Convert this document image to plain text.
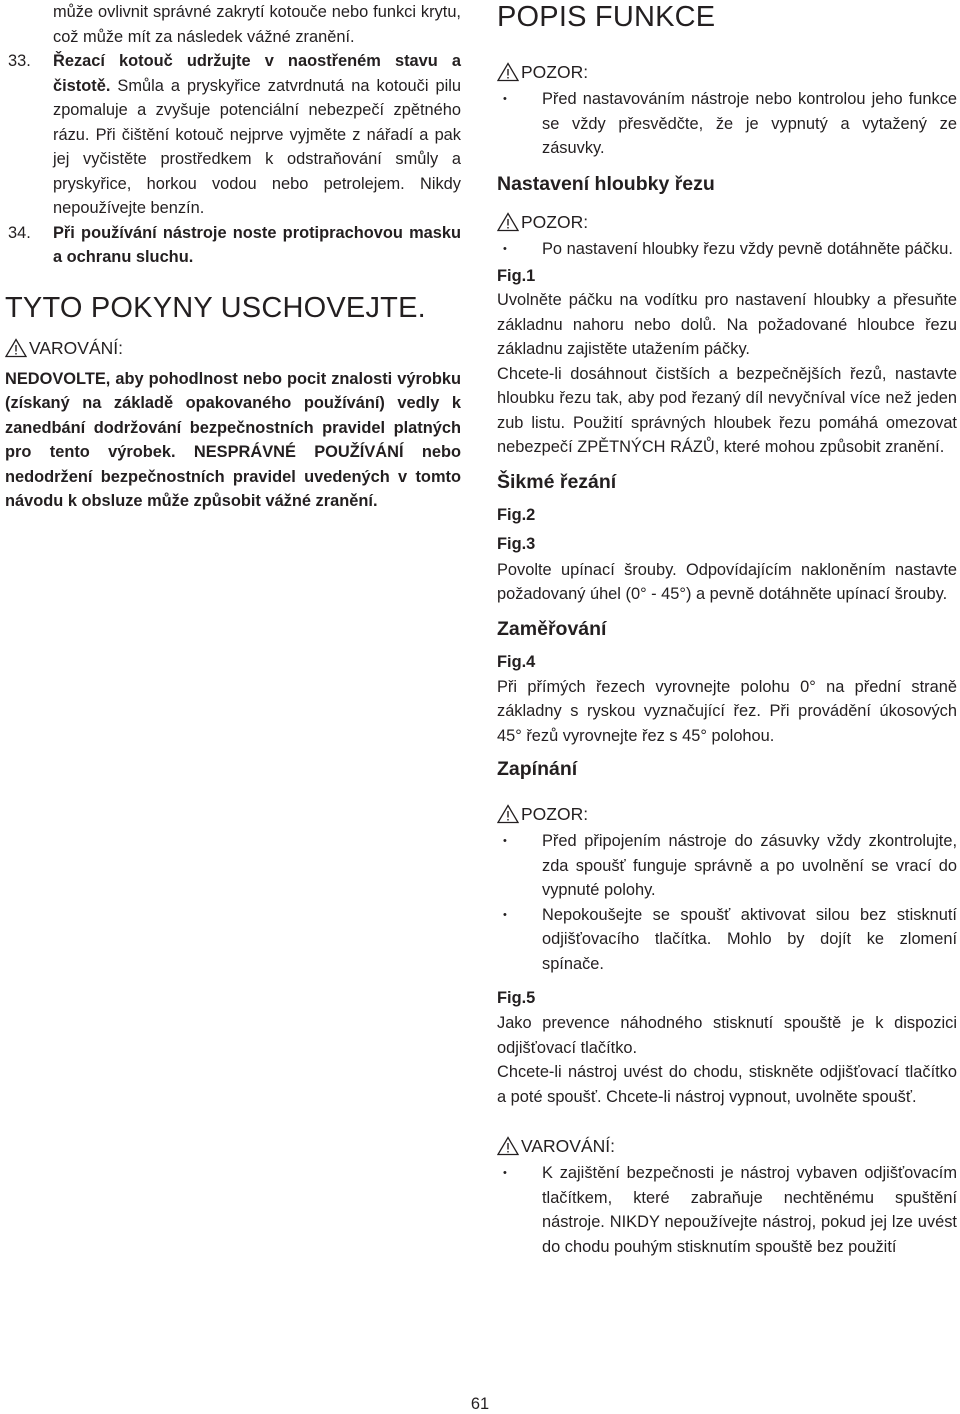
může ovlivnit správné zakrytí kotouče nebo funkci krytu, což může mít za následek vážné zranění.
33. Řezací kotouč udržujte v naostřeném stavu a čistotě. Smůla a pryskyřice zatvrdnutá na kotouči pilu zpomaluje a zvyšuje potenciální nebezpečí zpětného rázu. Při čištění kotouč nejprve vyjměte z nářadí a pak jej vyčistěte prostředkem k odstraňování smůly a pryskyřice, horkou vodou nebo petrolejem. Nikdy nepoužívejte benzín.
34. Při používání nástroje noste protiprachovou masku a ochranu sluchu.
TYTO POKYNY USCHOVEJTE.
VAROVÁNÍ:

NEDOVOLTE, aby pohodlnost nebo pocit znalosti výrobku (získaný na základě opakovaného používání) vedly k zanedbání dodržování bezpečnostních pravidel platných pro tento výrobek. NESPRÁVNÉ POUŽÍVÁNÍ nebo nedodržení bezpečnostních pravidel uvedených v tomto návodu k obsluze může způsobit vážné zranění.

POPIS FUNKCE
POZOR:
• Před nastavováním nástroje nebo kontrolou jeho funkce se vždy přesvědčte, že je vypnutý a vytažený ze zásuvky.
Nastavení hloubky řezu
POZOR:
• Po nastavení hloubky řezu vždy pevně dotáhněte páčku.
Fig.1

Uvolněte páčku na vodítku pro nastavení hloubky a přesuňte základnu nahoru nebo dolů. Na požadované hloubce řezu základnu zajistěte utažením páčky.

Chcete-li dosáhnout čistších a bezpečnějších řezů, nastavte hloubku řezu tak, aby pod řezaný díl nevyčníval více než jeden zub listu. Použití správných hloubek řezu pomáhá omezovat nebezpečí ZPĚTNÝCH RÁZŮ, které mohou způsobit zranění.

Šikmé řezání
Fig.2
Fig.3

Povolte upínací šrouby. Odpovídajícím nakloněním nastavte požadovaný úhel (0° - 45°) a pevně dotáhněte upínací šrouby.

Zaměřování
Fig.4

Při přímých řezech vyrovnejte polohu 0° na přední straně základny s ryskou vyznačující řez. Při provádění úkosových 45° řezů vyrovnejte řez s 45° polohou.

Zapínání
POZOR:
• Před připojením nástroje do zásuvky vždy zkontrolujte, zda spoušť funguje správně a po uvolnění se vrací do vypnuté polohy.
• Nepokoušejte se spoušť aktivovat silou bez stisknutí odjišťovacího tlačítka. Mohlo by dojít ke zlomení spínače.
Fig.5

Jako prevence náhodného stisknutí spouště je k dispozici odjišťovací tlačítko.

Chcete-li nástroj uvést do chodu, stiskněte odjišťovací tlačítko a poté spoušť. Chcete-li nástroj vypnout, uvolněte spoušť.

VAROVÁNÍ:
• K zajištění bezpečnosti je nástroj vybaven odjišťovacím tlačítkem, které zabraňuje nechtěnému spuštění nástroje. NIKDY nepoužívejte nástroj, pokud jej lze uvést do chodu pouhým stisknutím spouště bez použití
61
